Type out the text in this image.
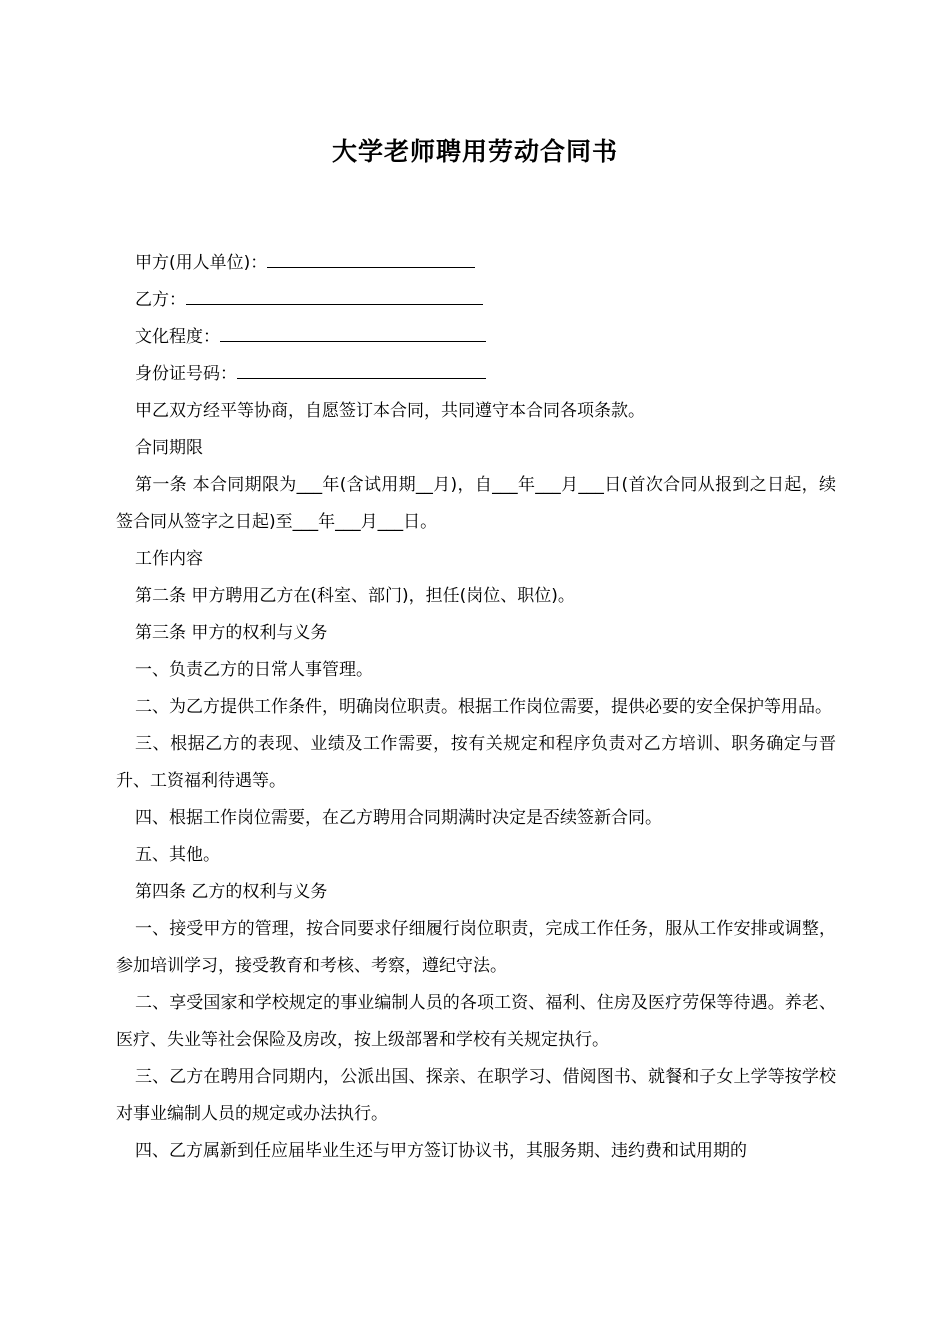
大学老师聘用劳动合同书

甲方(用人单位)：

乙方：

文化程度：

身份证号码：

甲乙双方经平等协商，自愿签订本合同，共同遵守本合同各项条款。

合同期限

第一条 本合同期限为___年(含试用期__月)，自___年___月___日(首次合同从报到之日起，续签合同从签字之日起)至___年___月___日。

工作内容

第二条 甲方聘用乙方在(科室、部门)，担任(岗位、职位)。

第三条 甲方的权利与义务

一、负责乙方的日常人事管理。

二、为乙方提供工作条件，明确岗位职责。根据工作岗位需要，提供必要的安全保护等用品。

三、根据乙方的表现、业绩及工作需要，按有关规定和程序负责对乙方培训、职务确定与晋升、工资福利待遇等。

四、根据工作岗位需要，在乙方聘用合同期满时决定是否续签新合同。

五、其他。

第四条 乙方的权利与义务

一、接受甲方的管理，按合同要求仔细履行岗位职责，完成工作任务，服从工作安排或调整，参加培训学习，接受教育和考核、考察，遵纪守法。

二、享受国家和学校规定的事业编制人员的各项工资、福利、住房及医疗劳保等待遇。养老、医疗、失业等社会保险及房改，按上级部署和学校有关规定执行。

三、乙方在聘用合同期内，公派出国、探亲、在职学习、借阅图书、就餐和子女上学等按学校对事业编制人员的规定或办法执行。

四、乙方属新到任应届毕业生还与甲方签订协议书，其服务期、违约费和试用期的
